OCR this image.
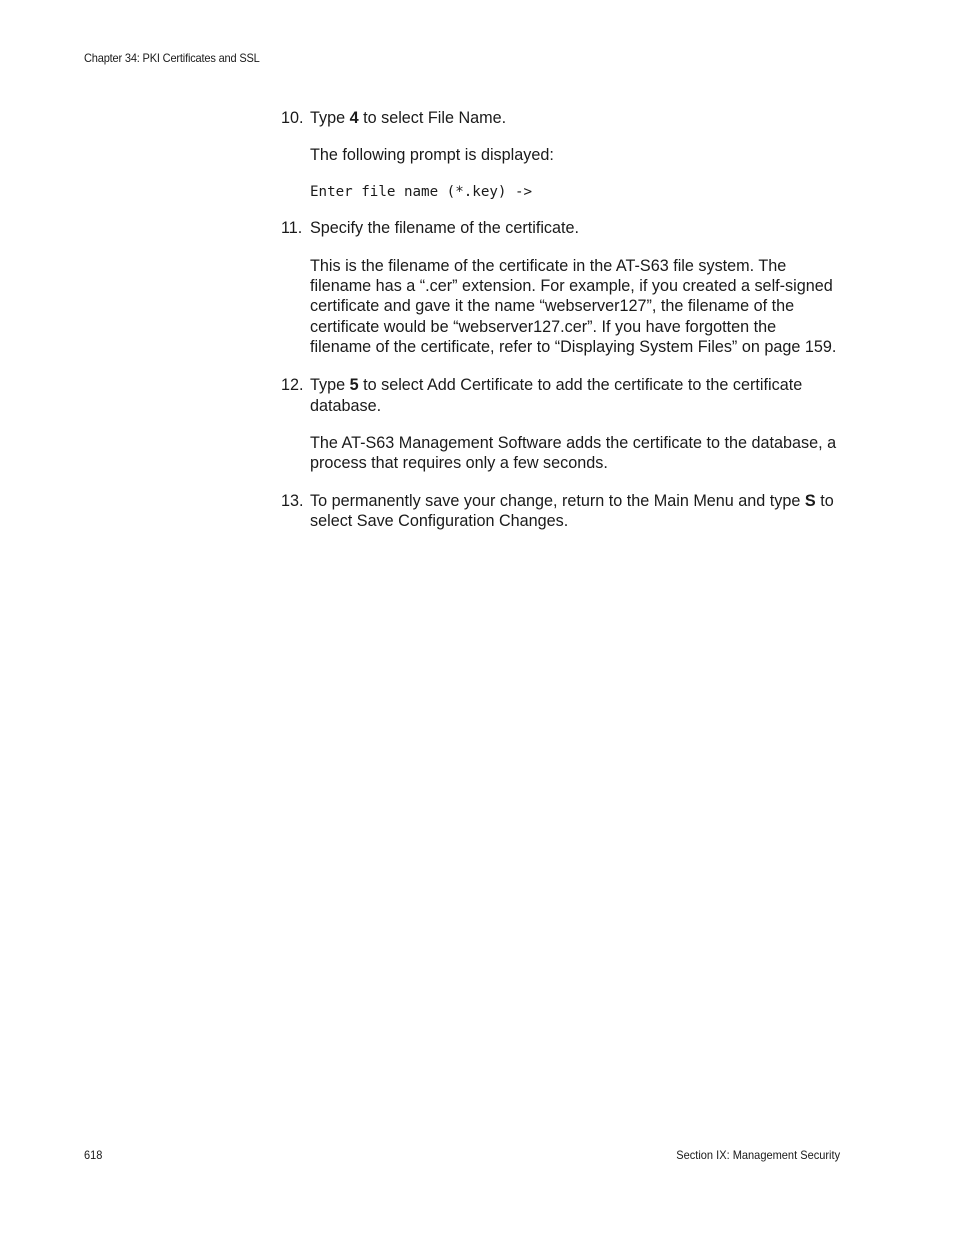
Chapter 34: PKI Certificates and SSL
10. Type 4 to select File Name.
The following prompt is displayed:
Enter file name (*.key) ->
11. Specify the filename of the certificate.
This is the filename of the certificate in the AT-S63 file system. The filename has a “.cer” extension. For example, if you created a self-signed certificate and gave it the name “webserver127”, the filename of the certificate would be “webserver127.cer”. If you have forgotten the filename of the certificate, refer to “Displaying System Files” on page 159.
12. Type 5 to select Add Certificate to add the certificate to the certificate database.
The AT-S63 Management Software adds the certificate to the database, a process that requires only a few seconds.
13. To permanently save your change, return to the Main Menu and type S to select Save Configuration Changes.
618	Section IX: Management Security
